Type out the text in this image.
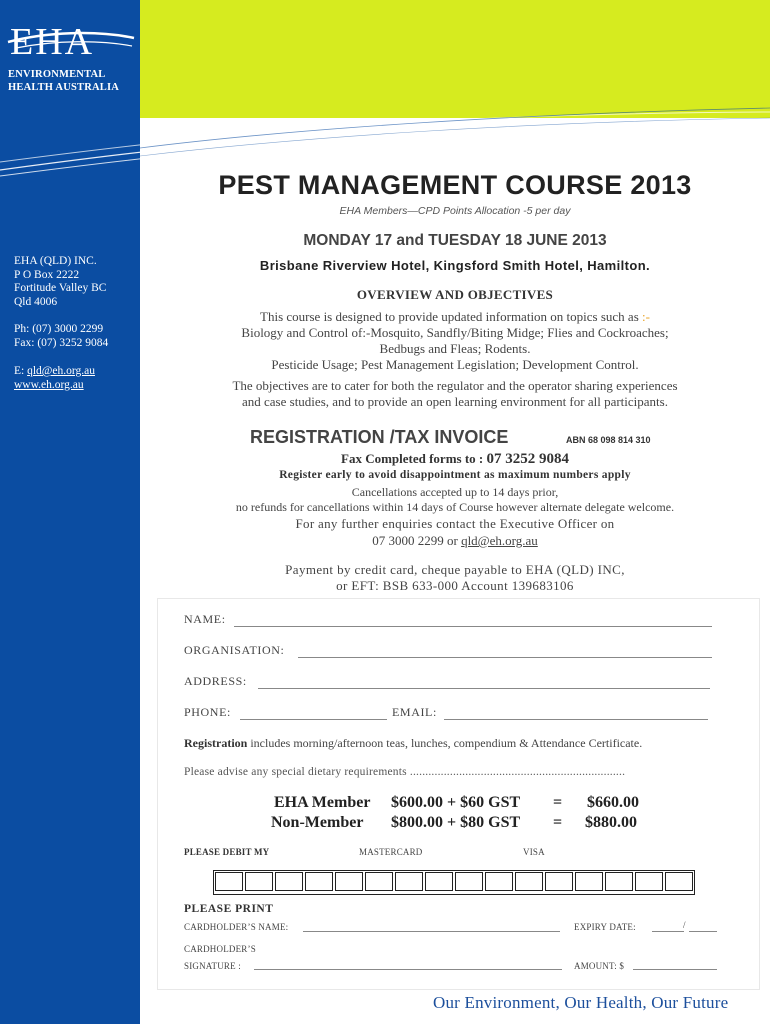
EHA
ENVIRONMENTAL
HEALTH AUSTRALIA
EHA (QLD) INC.
P O Box 2222
Fortitude Valley BC
Qld 4006
Ph: (07) 3000 2299
Fax: (07) 3252 9084
E: qld@eh.org.au
www.eh.org.au
PEST MANAGEMENT COURSE 2013
EHA Members—CPD Points Allocation -5 per day
MONDAY 17 and TUESDAY 18 JUNE 2013
Brisbane Riverview Hotel, Kingsford Smith Hotel, Hamilton.
OVERVIEW AND OBJECTIVES
This course is designed to provide updated information on topics such as :-
Biology and Control of:-Mosquito, Sandfly/Biting Midge; Flies and Cockroaches;
Bedbugs and Fleas; Rodents.
Pesticide Usage; Pest Management Legislation; Development Control.
The objectives are to cater for both the regulator and the operator sharing experiences
and case studies, and to provide an open learning environment for all participants.
REGISTRATION /TAX INVOICE	ABN 68 098 814 310
Fax Completed forms to : 07 3252 9084
Register early to avoid disappointment as maximum numbers apply
Cancellations accepted up to 14 days prior,
no refunds for cancellations within 14 days of Course however alternate delegate welcome.
For any further enquiries contact the Executive Officer on
07 3000 2299 or qld@eh.org.au
Payment by credit card, cheque payable to EHA (QLD) INC,
or EFT: BSB 633-000 Account 139683106
NAME:
ORGANISATION:
ADDRESS:
PHONE:	EMAIL:
Registration includes morning/afternoon teas, lunches, compendium & Attendance Certificate.
Please advise any special dietary requirements ......................................................................
EHA Member $600.00 + $60 GST = $660.00
Non-Member $800.00 + $80 GST = $880.00
PLEASE DEBIT MY	MASTERCARD	VISA
PLEASE PRINT
CARDHOLDER’S NAME:	EXPIRY DATE:	/
CARDHOLDER’S
SIGNATURE :	AMOUNT: $
Our Environment, Our Health, Our Future
